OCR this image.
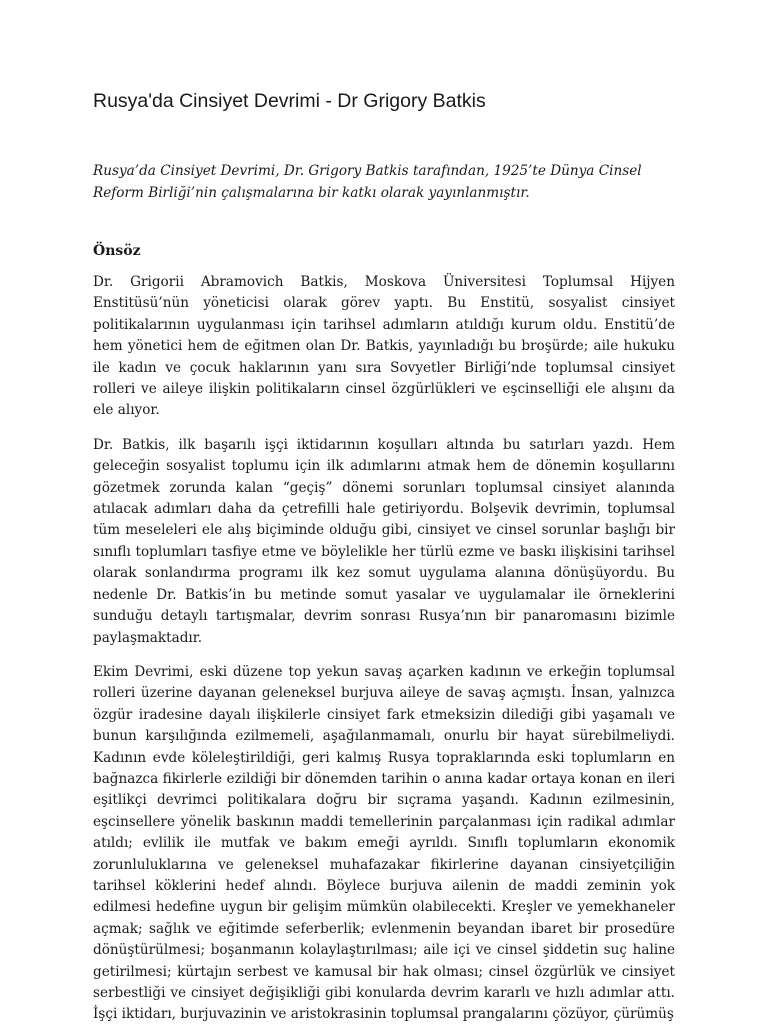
Rusya'da Cinsiyet Devrimi - Dr Grigory Batkis

Rusya’da Cinsiyet Devrimi, Dr. Grigory Batkis tarafından, 1925’te Dünya Cinsel Reform Birliği’nin çalışmalarına bir katkı olarak yayınlanmıştır.

Önsöz

Dr. Grigorii Abramovich Batkis, Moskova Üniversitesi Toplumsal Hijyen Enstitüsü’nün yöneticisi olarak görev yaptı. Bu Enstitü, sosyalist cinsiyet politikalarının uygulanması için tarihsel adımların atıldığı kurum oldu. Enstitü’de hem yönetici hem de eğitmen olan Dr. Batkis, yayınladığı bu broşürde; aile hukuku ile kadın ve çocuk haklarının yanı sıra Sovyetler Birliği’nde toplumsal cinsiyet rolleri ve aileye ilişkin politikaların cinsel özgürlükleri ve eşcinselliği ele alışını da ele alıyor.

Dr. Batkis, ilk başarılı işçi iktidarının koşulları altında bu satırları yazdı. Hem geleceğin sosyalist toplumu için ilk adımlarını atmak hem de dönemin koşullarını gözetmek zorunda kalan “geçiş” dönemi sorunları toplumsal cinsiyet alanında atılacak adımları daha da çetrefilli hale getiriyordu. Bolşevik devrimin, toplumsal tüm meseleleri ele alış biçiminde olduğu gibi, cinsiyet ve cinsel sorunlar başlığı bir sınıflı toplumları tasfiye etme ve böylelikle her türlü ezme ve baskı ilişkisini tarihsel olarak sonlandırma programı ilk kez somut uygulama alanına dönüşüyordu. Bu nedenle Dr. Batkis’in bu metinde somut yasalar ve uygulamalar ile örneklerini sunduğu detaylı tartışmalar, devrim sonrası Rusya’nın bir panaromasını bizimle paylaşmaktadır.

Ekim Devrimi, eski düzene top yekun savaş açarken kadının ve erkeğin toplumsal rolleri üzerine dayanan geleneksel burjuva aileye de savaş açmıştı. İnsan, yalnızca özgür iradesine dayalı ilişkilerle cinsiyet fark etmeksizin dilediği gibi yaşamalı ve bunun karşılığında ezilmemeli, aşağılanmamalı, onurlu bir hayat sürebilmeliydi. Kadının evde köleleştirildiği, geri kalmış Rusya topraklarında eski toplumların en bağnazca fikirlerle ezildiği bir dönemden tarihin o anına kadar ortaya konan en ileri eşitlikçi devrimci politikalara doğru bir sıçrama yaşandı. Kadının ezilmesinin, eşcinsellere yönelik baskının maddi temellerinin parçalanması için radikal adımlar atıldı; evlilik ile mutfak ve bakım emeği ayrıldı. Sınıflı toplumların ekonomik zorunluluklarına ve geleneksel muhafazakar fikirlerine dayanan cinsiyetçiliğin tarihsel köklerini hedef alındı. Böylece burjuva ailenin de maddi zeminin yok edilmesi hedefine uygun bir gelişim mümkün olabilecekti. Kreşler ve yemekhaneler açmak; sağlık ve eğitimde seferberlik; evlenmenin beyandan ibaret bir prosedüre dönüştürülmesi; boşanmanın kolaylaştırılması; aile içi ve cinsel şiddetin suç haline getirilmesi; kürtajın serbest ve kamusal bir hak olması; cinsel özgürlük ve cinsiyet serbestliği ve cinsiyet değişikliği gibi konularda devrim kararlı ve hızlı adımlar attı. İşçi iktidarı, burjuvazinin ve aristokrasinin toplumsal prangalarını çözüyor, çürümüş
